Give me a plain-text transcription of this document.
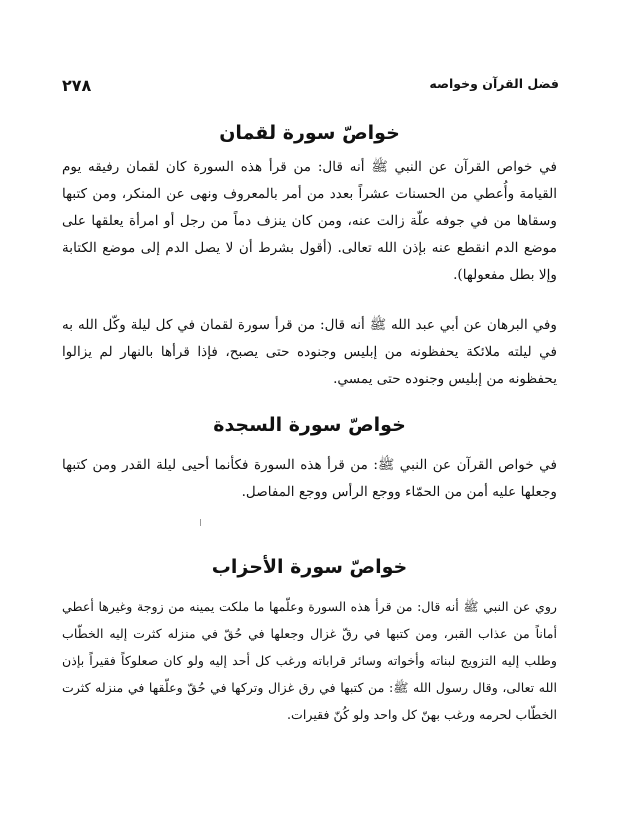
٢٧٨	فضل القرآن وخواصه
خواصّ سورة لقمان

في خواص القرآن عن النبي ﷺ أنه قال: من قرأ هذه السورة كان لقمان رفيقه يوم القيامة وأُعطي من الحسنات عشراً بعدد من أمر بالمعروف ونهى عن المنكر، ومن كتبها وسقاها من في جوفه علّة زالت عنه، ومن كان ينزف دماً من رجل أو امرأة يعلقها على موضع الدم انقطع عنه بإذن الله تعالى. (أقول بشرط أن لا يصل الدم إلى موضع الكتابة وإلا بطل مفعولها).

وفي البرهان عن أبي عبد الله ﷺ أنه قال: من قرأ سورة لقمان في كل ليلة وكّل الله به في ليلته ملائكة يحفظونه من إبليس وجنوده حتى يصبح، فإذا قرأها بالنهار لم يزالوا يحفظونه من إبليس وجنوده حتى يمسي.

خواصّ سورة السجدة

في خواص القرآن عن النبي ﷺ: من قرأ هذه السورة فكأنما أحيى ليلة القدر ومن كتبها وجعلها عليه أمن من الحمّاء ووجع الرأس ووجع المفاصل.

خواصّ سورة الأحزاب

روي عن النبي ﷺ أنه قال: من قرأ هذه السورة وعلّمها ما ملكت يمينه من زوجة وغيرها أعطي أماناً من عذاب القبر، ومن كتبها في رقّ غزال وجعلها في حُقّ في منزله كثرت إليه الخطّاب وطلب إليه التزويج لبناته وأخواته وسائر قراباته ورغب كل أحد إليه ولو كان صعلوكاً فقيراً بإذن الله تعالى، وقال رسول الله ﷺ: من كتبها في رق غزال وتركها في حُقّ وعلّقها في منزله كثرت الخطّاب لحرمه ورغب بهنّ كل واحد ولو كُنّ فقيرات.
